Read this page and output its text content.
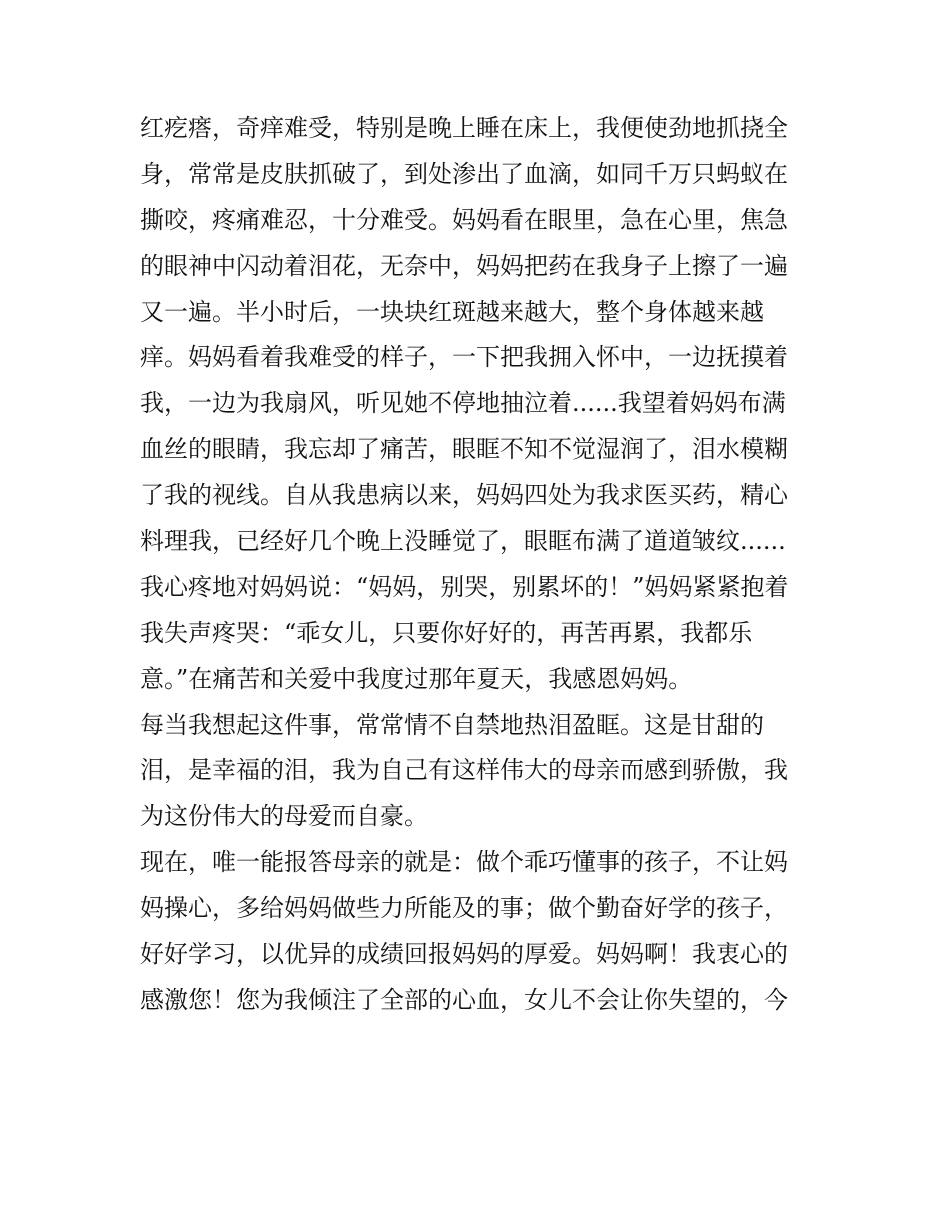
红疙瘩，奇痒难受，特别是晚上睡在床上，我便使劲地抓挠全
身，常常是皮肤抓破了，到处渗出了血滴，如同千万只蚂蚁在
撕咬，疼痛难忍，十分难受。妈妈看在眼里，急在心里，焦急
的眼神中闪动着泪花，无奈中，妈妈把药在我身子上擦了一遍
又一遍。半小时后，一块块红斑越来越大，整个身体越来越
痒。妈妈看着我难受的样子，一下把我拥入怀中，一边抚摸着
我，一边为我扇风，听见她不停地抽泣着......我望着妈妈布满
血丝的眼睛，我忘却了痛苦，眼眶不知不觉湿润了，泪水模糊
了我的视线。自从我患病以来，妈妈四处为我求医买药，精心
料理我，已经好几个晚上没睡觉了，眼眶布满了道道皱纹......
我心疼地对妈妈说：“妈妈，别哭，别累坏的！”妈妈紧紧抱着
我失声疼哭：“乖女儿，只要你好好的，再苦再累，我都乐
意。”在痛苦和关爱中我度过那年夏天，我感恩妈妈。
每当我想起这件事，常常情不自禁地热泪盈眶。这是甘甜的
泪，是幸福的泪，我为自己有这样伟大的母亲而感到骄傲，我
为这份伟大的母爱而自豪。
现在，唯一能报答母亲的就是：做个乖巧懂事的孩子，不让妈
妈操心，多给妈妈做些力所能及的事；做个勤奋好学的孩子，
好好学习，以优异的成绩回报妈妈的厚爱。妈妈啊！我衷心的
感激您！您为我倾注了全部的心血，女儿不会让你失望的，今
